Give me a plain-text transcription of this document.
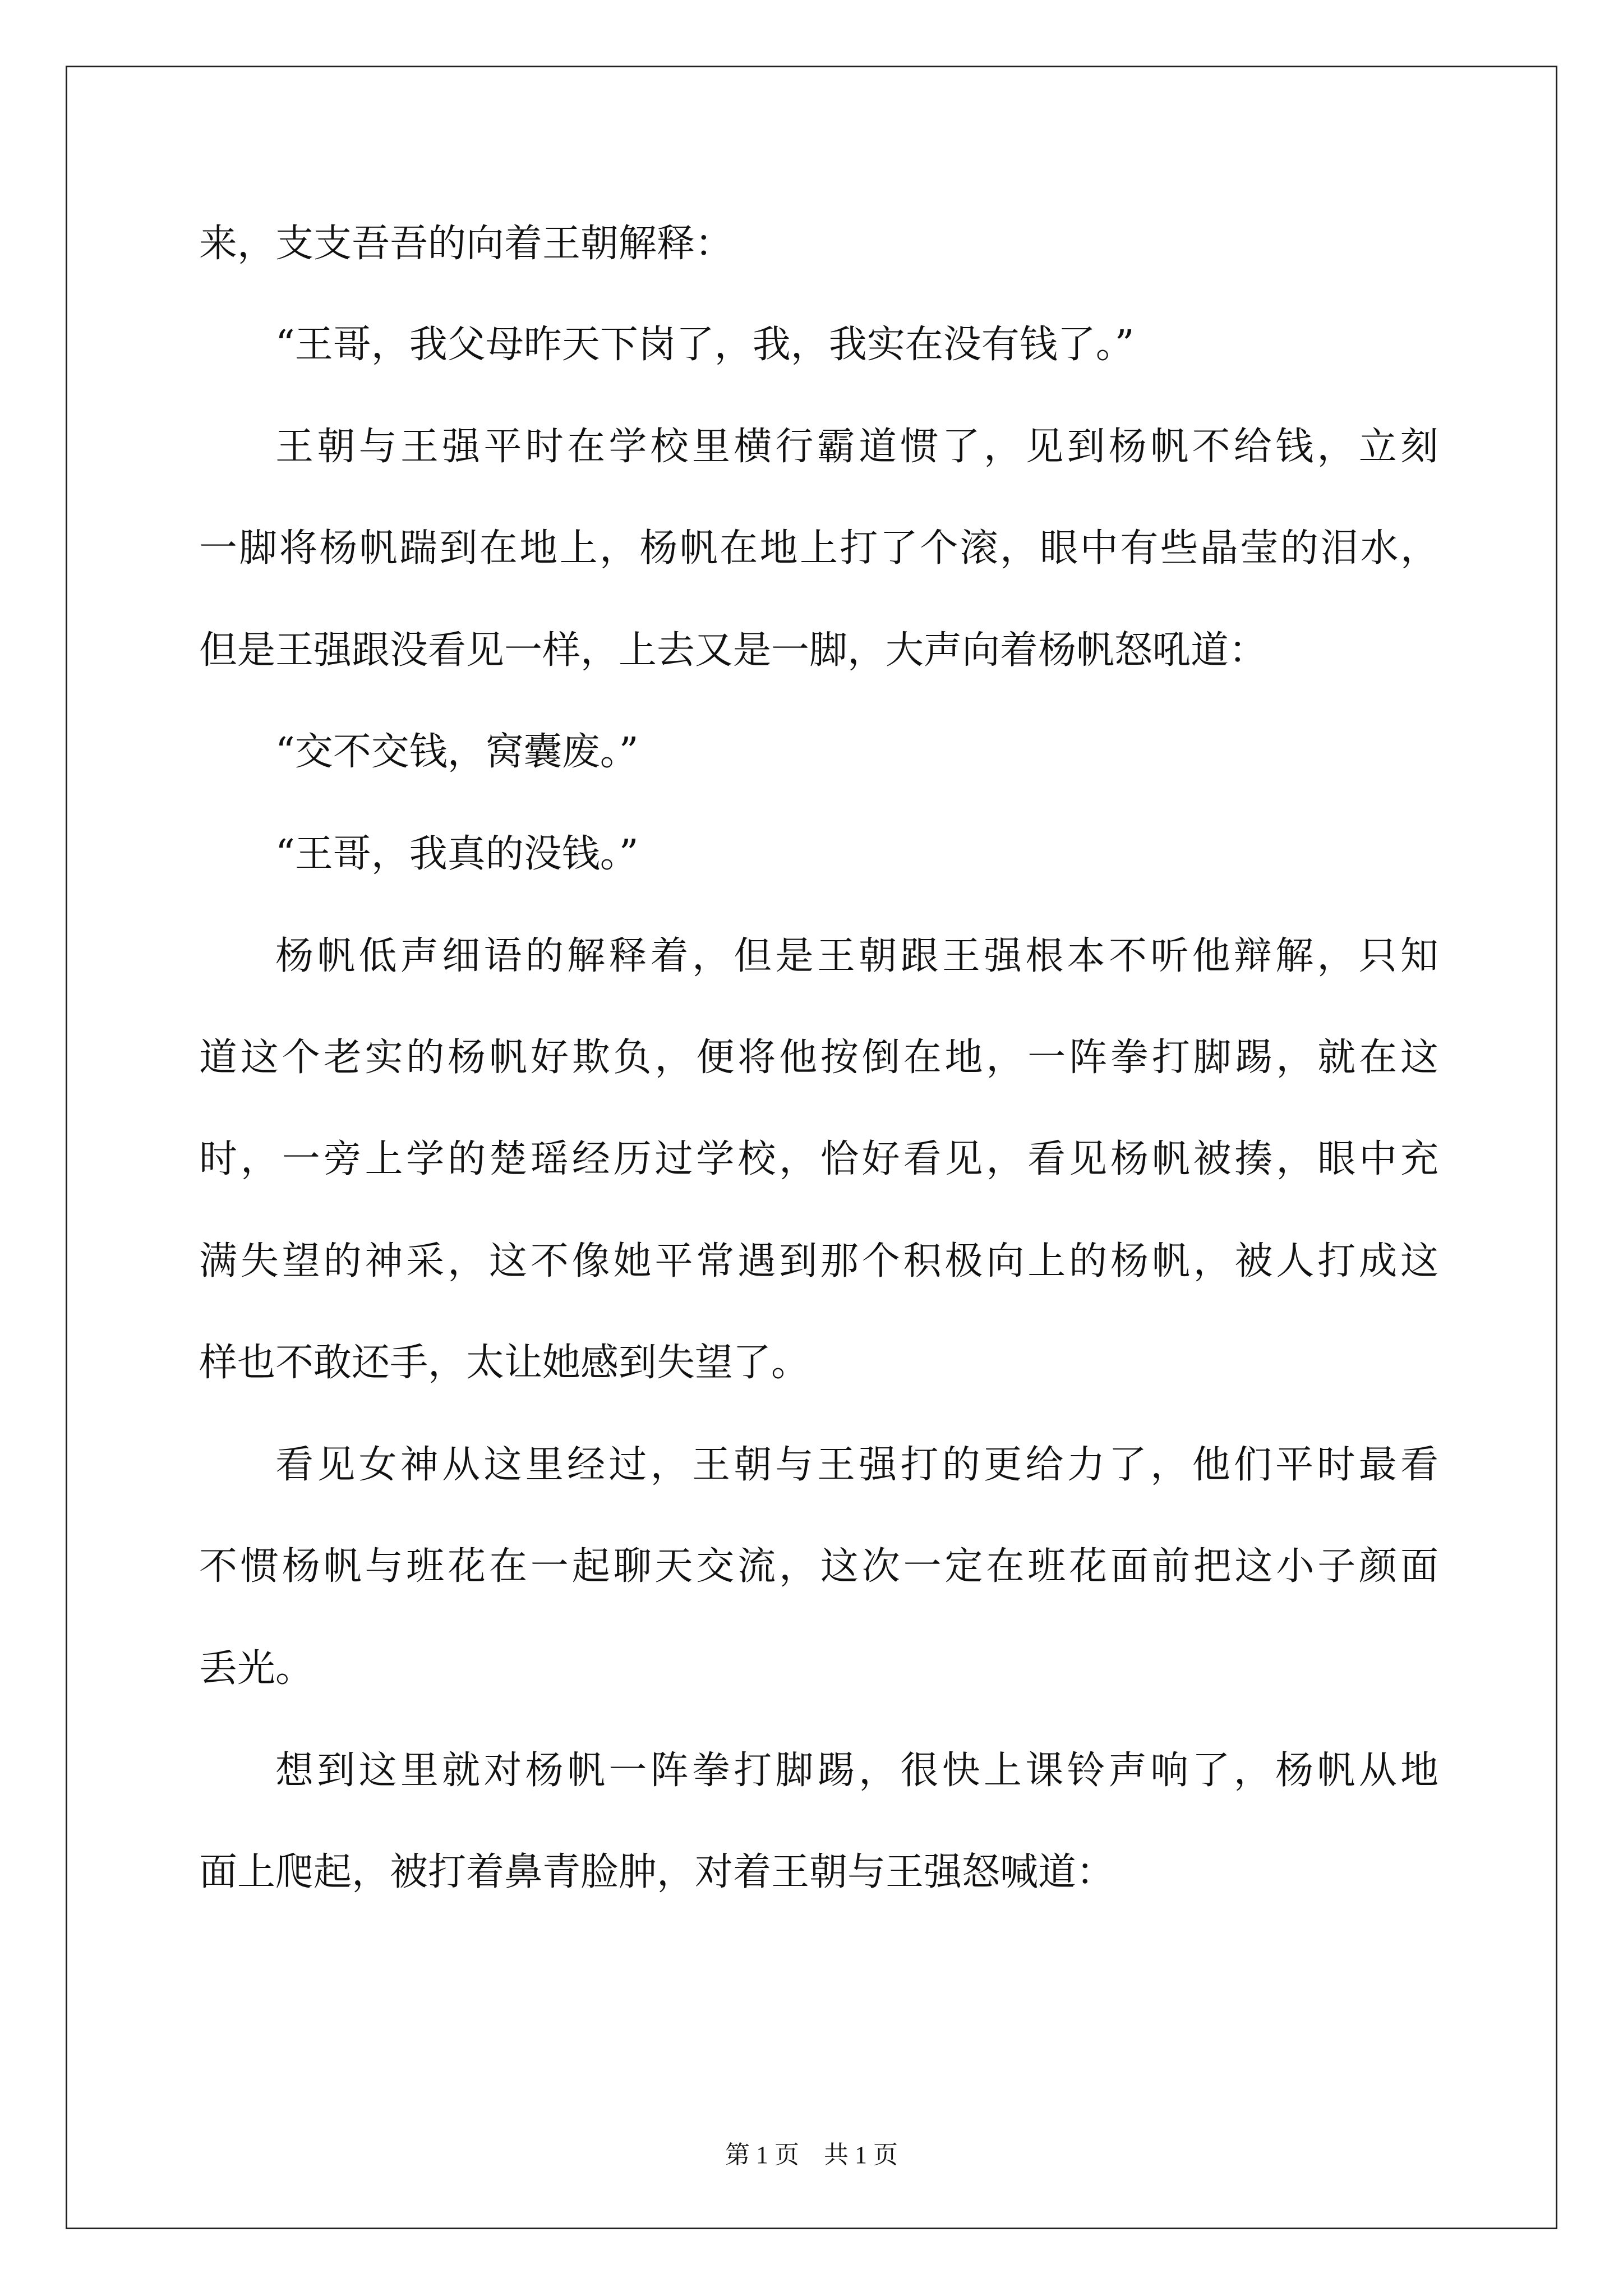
来，支支吾吾的向着王朝解释：
“王哥，我父母昨天下岗了，我，我实在没有钱了。”
王朝与王强平时在学校里横行霸道惯了，见到杨帆不给钱，立刻
一脚将杨帆踹到在地上，杨帆在地上打了个滚，眼中有些晶莹的泪水，
但是王强跟没看见一样，上去又是一脚，大声向着杨帆怒吼道：
“交不交钱，窝囊废。”
“王哥，我真的没钱。”
杨帆低声细语的解释着，但是王朝跟王强根本不听他辩解，只知
道这个老实的杨帆好欺负，便将他按倒在地，一阵拳打脚踢，就在这
时，一旁上学的楚瑶经历过学校，恰好看见，看见杨帆被揍，眼中充
满失望的神采，这不像她平常遇到那个积极向上的杨帆，被人打成这
样也不敢还手，太让她感到失望了。
看见女神从这里经过，王朝与王强打的更给力了，他们平时最看
不惯杨帆与班花在一起聊天交流，这次一定在班花面前把这小子颜面
丢光。
想到这里就对杨帆一阵拳打脚踢，很快上课铃声响了，杨帆从地
面上爬起，被打着鼻青脸肿，对着王朝与王强怒喊道：
第 1 页　共 1 页
